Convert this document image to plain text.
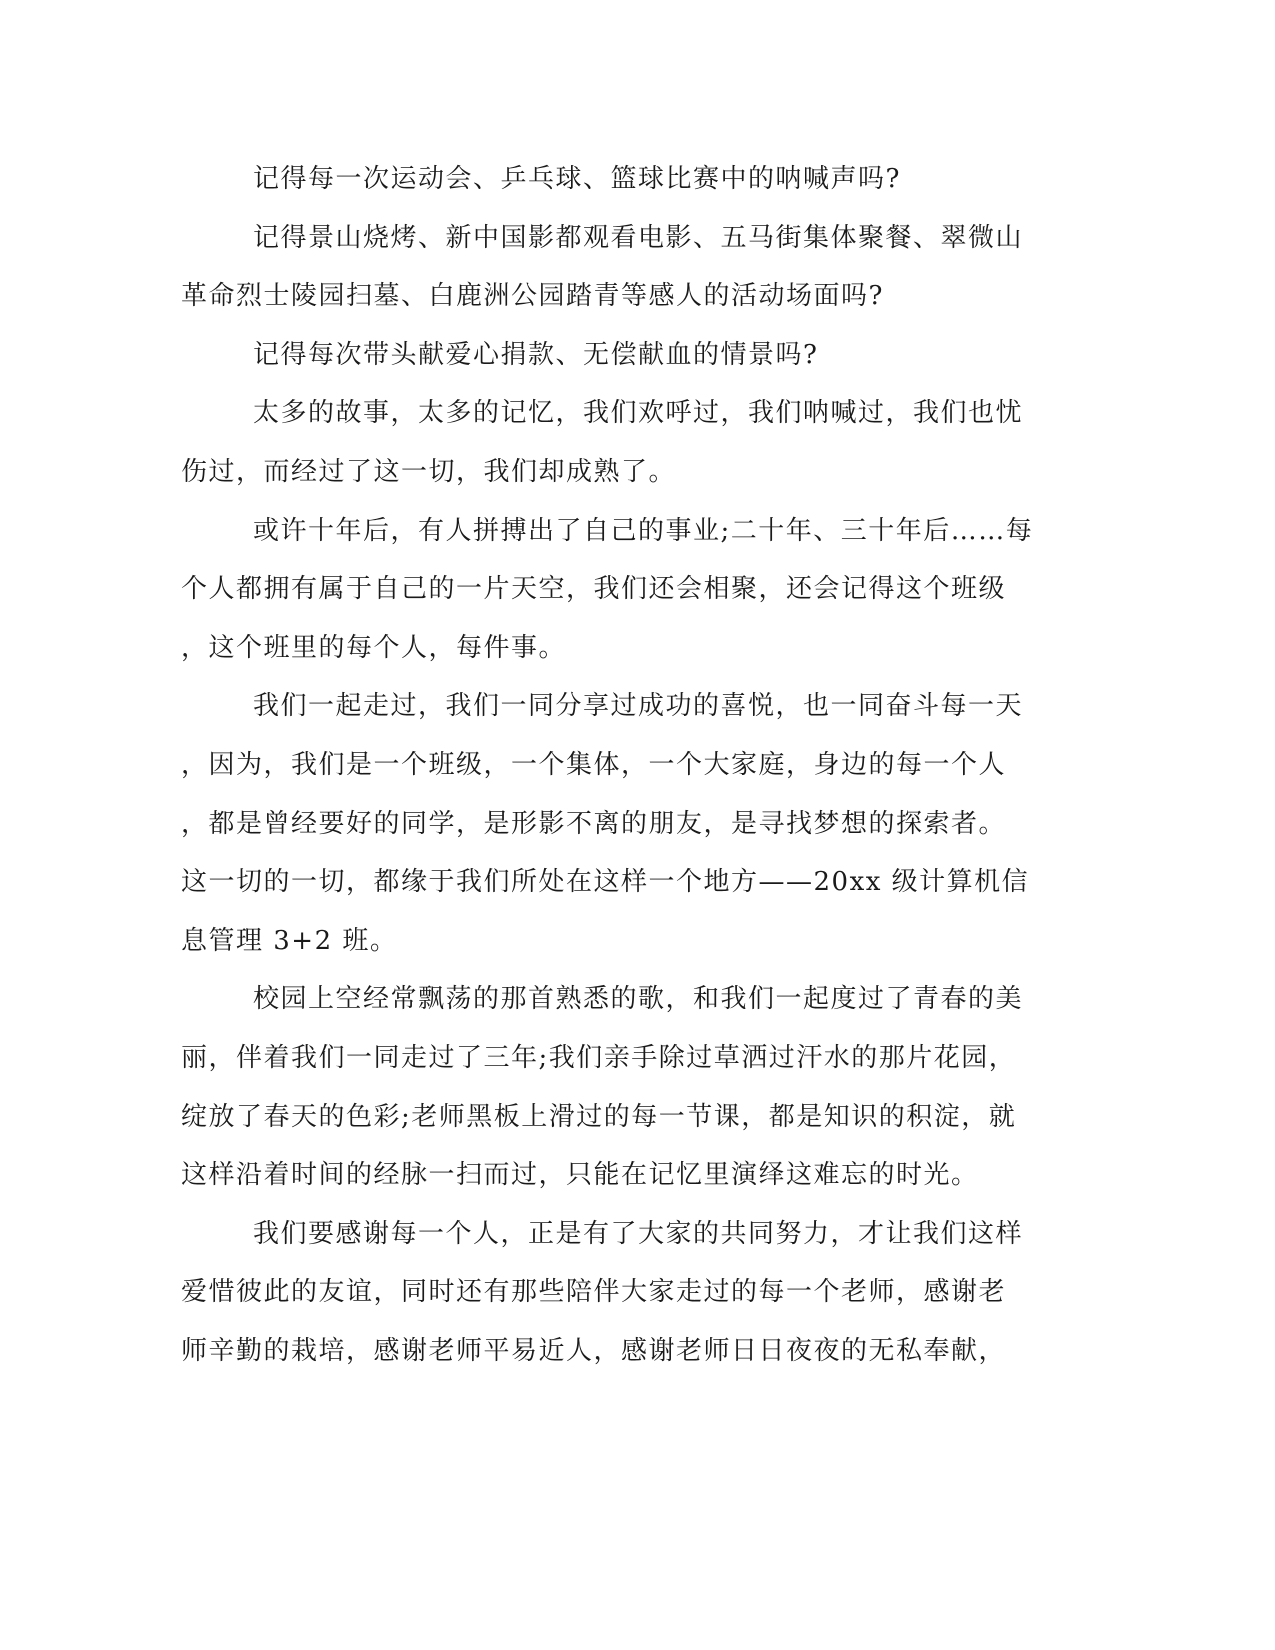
记得每一次运动会、乒乓球、篮球比赛中的呐喊声吗?
记得景山烧烤、新中国影都观看电影、五马街集体聚餐、翠微山
革命烈士陵园扫墓、白鹿洲公园踏青等感人的活动场面吗?
记得每次带头献爱心捐款、无偿献血的情景吗?
太多的故事，太多的记忆，我们欢呼过，我们呐喊过，我们也忧
伤过，而经过了这一切，我们却成熟了。
或许十年后，有人拼搏出了自己的事业;二十年、三十年后……每
个人都拥有属于自己的一片天空，我们还会相聚，还会记得这个班级
，这个班里的每个人，每件事。
我们一起走过，我们一同分享过成功的喜悦，也一同奋斗每一天
，因为，我们是一个班级，一个集体，一个大家庭，身边的每一个人
，都是曾经要好的同学，是形影不离的朋友，是寻找梦想的探索者。
这一切的一切，都缘于我们所处在这样一个地方——20xx 级计算机信
息管理 3+2 班。
校园上空经常飘荡的那首熟悉的歌，和我们一起度过了青春的美
丽，伴着我们一同走过了三年;我们亲手除过草洒过汗水的那片花园，
绽放了春天的色彩;老师黑板上滑过的每一节课，都是知识的积淀，就
这样沿着时间的经脉一扫而过，只能在记忆里演绎这难忘的时光。
我们要感谢每一个人，正是有了大家的共同努力，才让我们这样
爱惜彼此的友谊，同时还有那些陪伴大家走过的每一个老师，感谢老
师辛勤的栽培，感谢老师平易近人，感谢老师日日夜夜的无私奉献，
